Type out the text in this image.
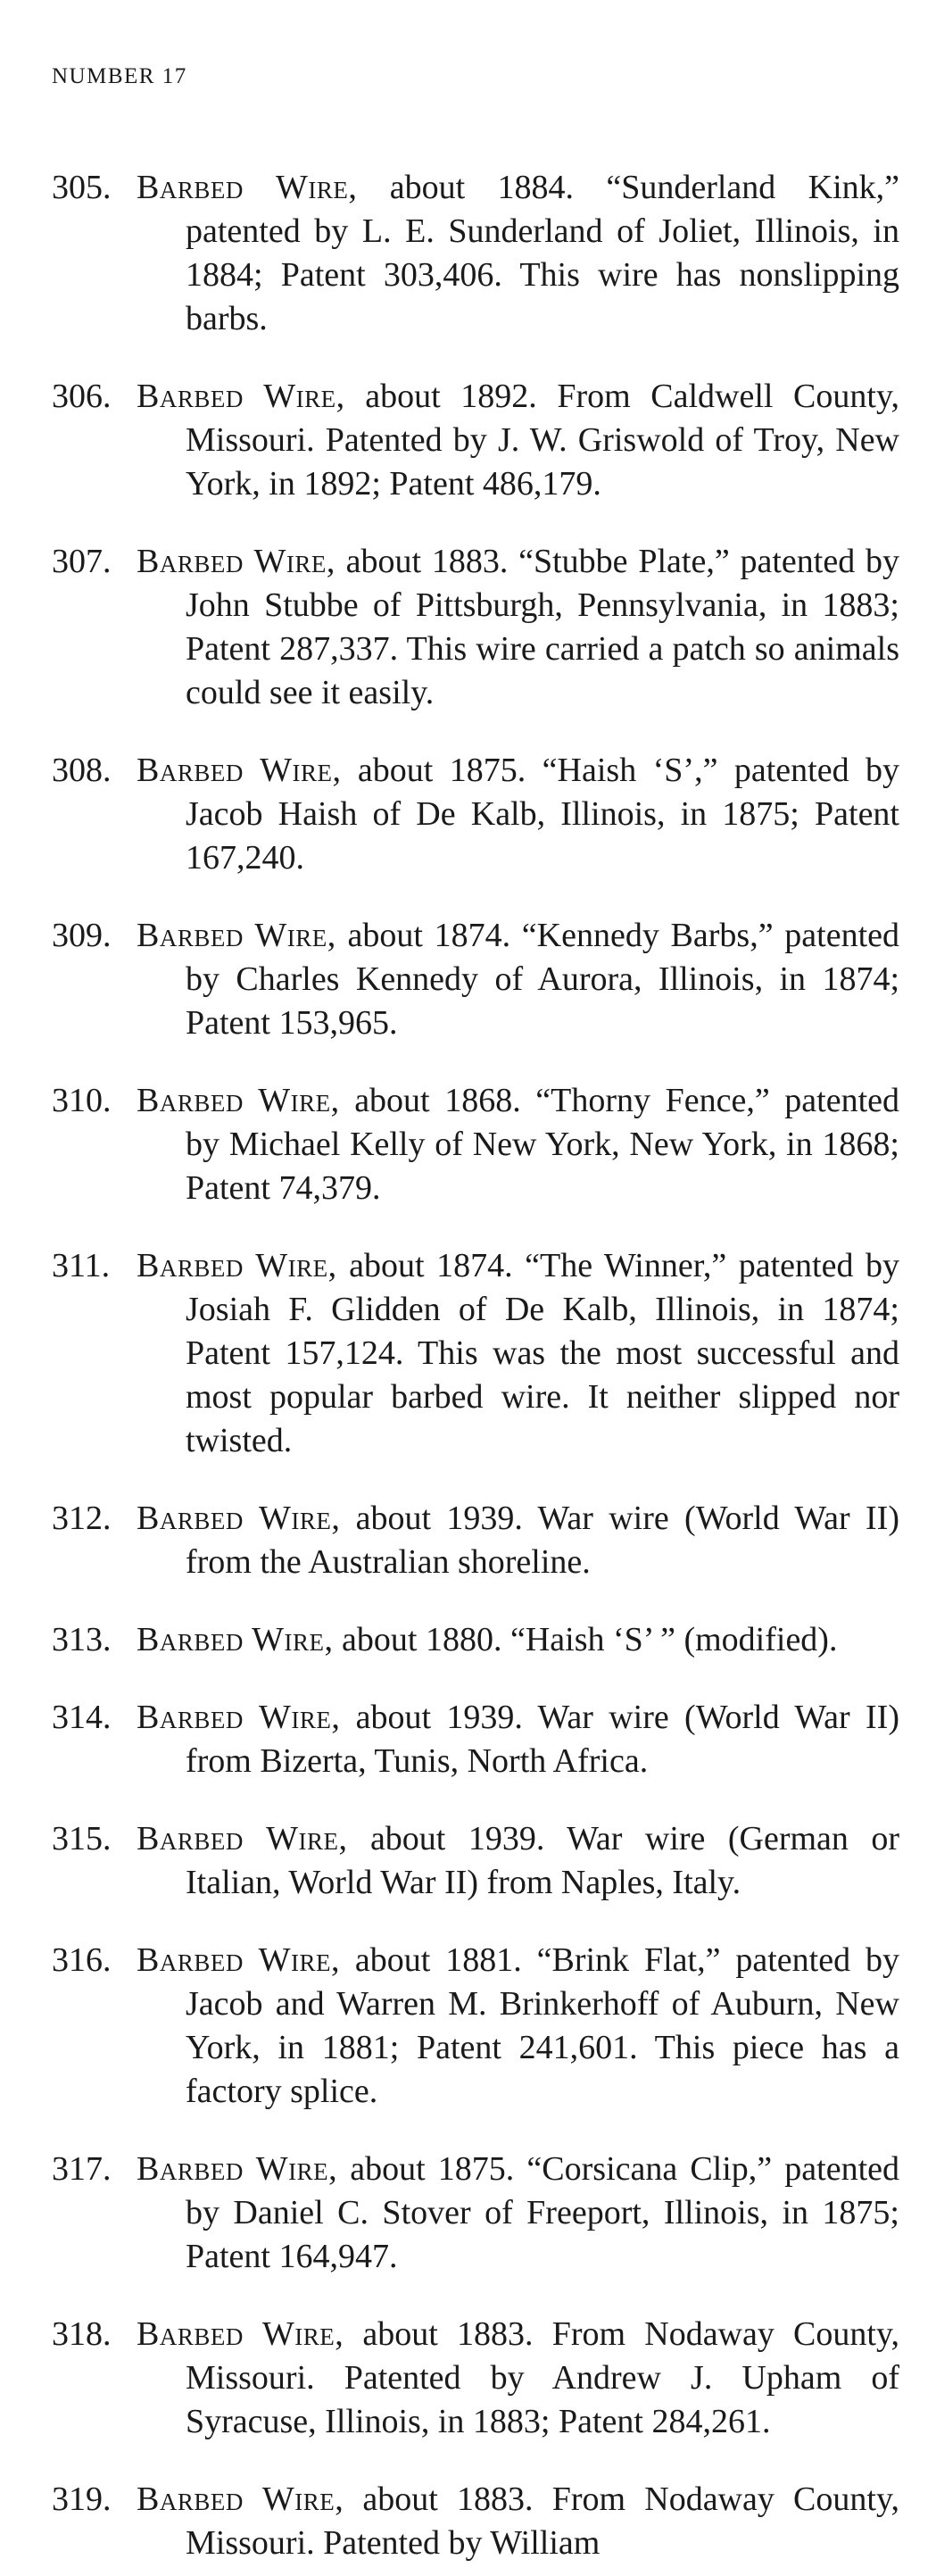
NUMBER 17

305. Barbed Wire, about 1884. “Sunderland Kink,” patented by L. E. Sunderland of Joliet, Illinois, in 1884; Patent 303,406. This wire has nonslipping barbs.

306. Barbed Wire, about 1892. From Caldwell County, Missouri. Patented by J. W. Griswold of Troy, New York, in 1892; Patent 486,179.

307. Barbed Wire, about 1883. “Stubbe Plate,” patented by John Stubbe of Pittsburgh, Pennsylvania, in 1883; Patent 287,337. This wire carried a patch so animals could see it easily.

308. Barbed Wire, about 1875. “Haish ‘S’,” patented by Jacob Haish of De Kalb, Illinois, in 1875; Patent 167,240.

309. Barbed Wire, about 1874. “Kennedy Barbs,” patented by Charles Kennedy of Aurora, Illinois, in 1874; Patent 153,965.

310. Barbed Wire, about 1868. “Thorny Fence,” patented by Michael Kelly of New York, New York, in 1868; Patent 74,379.

311. Barbed Wire, about 1874. “The Winner,” patented by Josiah F. Glidden of De Kalb, Illinois, in 1874; Patent 157,124. This was the most successful and most popular barbed wire. It neither slipped nor twisted.

312. Barbed Wire, about 1939. War wire (World War II) from the Australian shoreline.

313. Barbed Wire, about 1880. “Haish ‘S’ ” (modified).

314. Barbed Wire, about 1939. War wire (World War II) from Bizerta, Tunis, North Africa.

315. Barbed Wire, about 1939. War wire (German or Italian, World War II) from Naples, Italy.

316. Barbed Wire, about 1881. “Brink Flat,” patented by Jacob and Warren M. Brinkerhoff of Auburn, New York, in 1881; Patent 241,601. This piece has a factory splice.

317. Barbed Wire, about 1875. “Corsicana Clip,” patented by Daniel C. Stover of Freeport, Illinois, in 1875; Patent 164,947.

318. Barbed Wire, about 1883. From Nodaway County, Missouri. Patented by Andrew J. Upham of Syracuse, Illinois, in 1883; Patent 284,261.

319. Barbed Wire, about 1883. From Nodaway County, Missouri. Patented by William
